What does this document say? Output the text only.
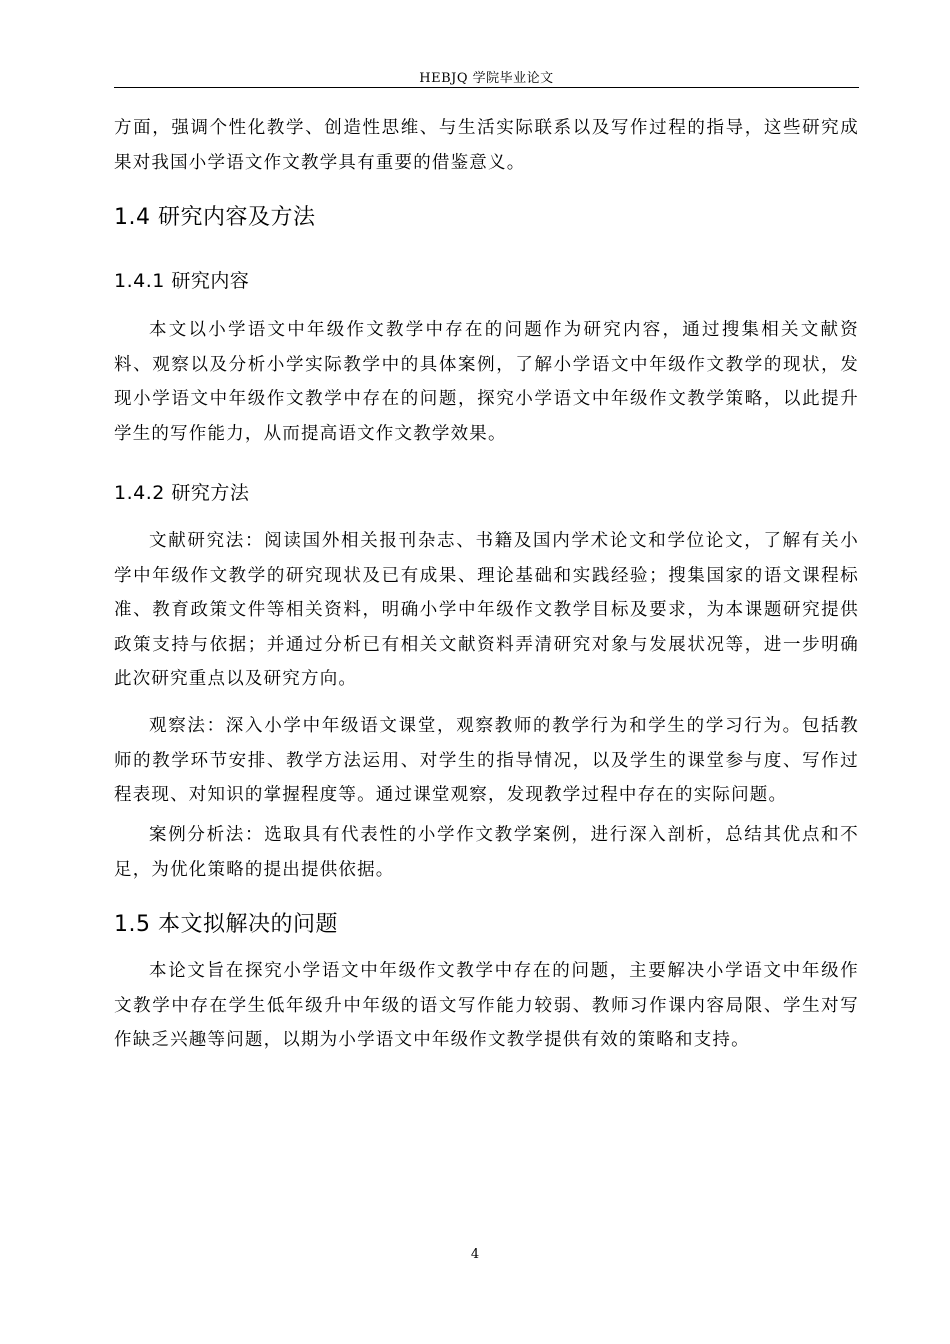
HEBJQ 学院毕业论文

方面，强调个性化教学、创造性思维、与生活实际联系以及写作过程的指导，这些研究成果对我国小学语文作文教学具有重要的借鉴意义。

1.4 研究内容及方法
1.4.1 研究内容

本文以小学语文中年级作文教学中存在的问题作为研究内容，通过搜集相关文献资料、观察以及分析小学实际教学中的具体案例，了解小学语文中年级作文教学的现状，发现小学语文中年级作文教学中存在的问题，探究小学语文中年级作文教学策略，以此提升学生的写作能力，从而提高语文作文教学效果。

1.4.2 研究方法

文献研究法：阅读国外相关报刊杂志、书籍及国内学术论文和学位论文，了解有关小学中年级作文教学的研究现状及已有成果、理论基础和实践经验；搜集国家的语文课程标准、教育政策文件等相关资料，明确小学中年级作文教学目标及要求，为本课题研究提供政策支持与依据；并通过分析已有相关文献资料弄清研究对象与发展状况等，进一步明确此次研究重点以及研究方向。

观察法：深入小学中年级语文课堂，观察教师的教学行为和学生的学习行为。包括教师的教学环节安排、教学方法运用、对学生的指导情况，以及学生的课堂参与度、写作过程表现、对知识的掌握程度等。通过课堂观察，发现教学过程中存在的实际问题。

案例分析法：选取具有代表性的小学作文教学案例，进行深入剖析，总结其优点和不足，为优化策略的提出提供依据。

1.5 本文拟解决的问题

本论文旨在探究小学语文中年级作文教学中存在的问题，主要解决小学语文中年级作文教学中存在学生低年级升中年级的语文写作能力较弱、教师习作课内容局限、学生对写作缺乏兴趣等问题，以期为小学语文中年级作文教学提供有效的策略和支持。

4
